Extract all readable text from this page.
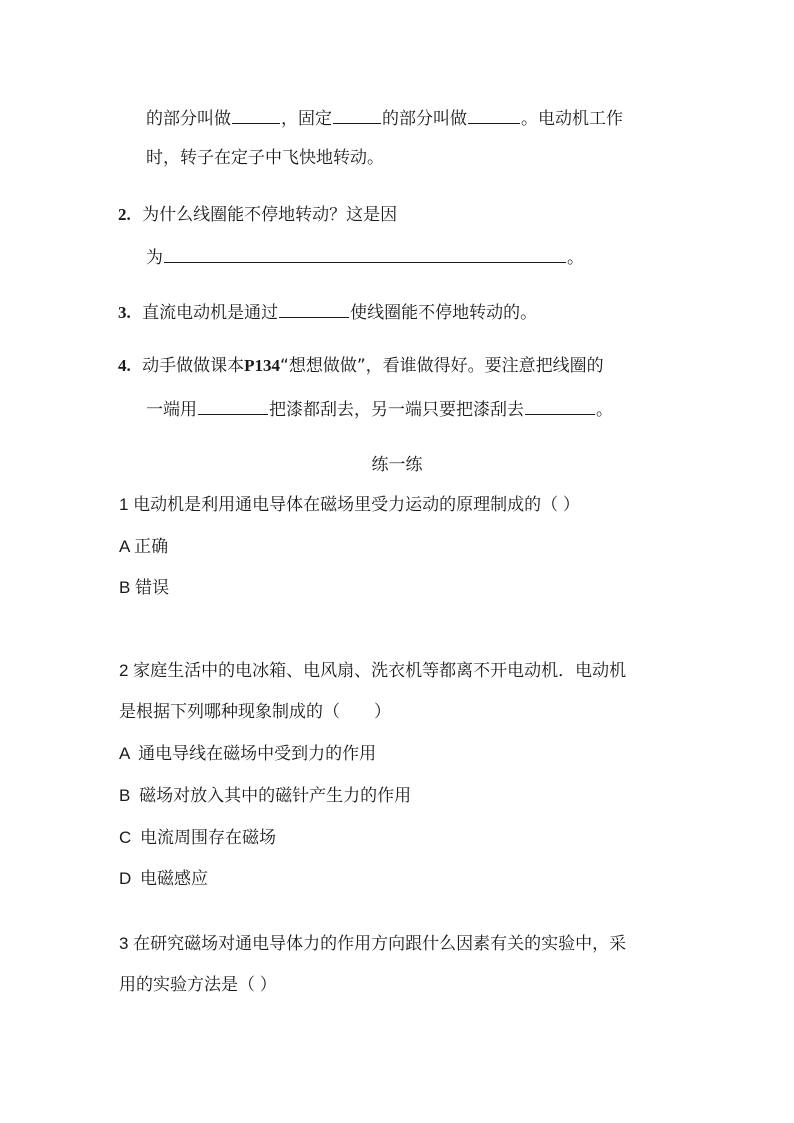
的部分叫做	，固定	的部分叫做	。电动机工作
时，转子在定子中飞快地转动。
2. 为什么线圈能不停地转动？这是因
为	。
3. 直流电动机是通过	使线圈能不停地转动的。
4. 动手做做课本P134“想想做做”，看谁做得好。要注意把线圈的
一端用	把漆都刮去，另一端只要把漆刮去	。
练一练
1 电动机是利用通电导体在磁场里受力运动的原理制成的（ ）
A 正确
B 错误
2 家庭生活中的电冰箱、电风扇、洗衣机等都离不开电动机．电动机
是根据下列哪种现象制成的（　　）
A 通电导线在磁场中受到力的作用
B 磁场对放入其中的磁针产生力的作用
C 电流周围存在磁场
D 电磁感应
3 在研究磁场对通电导体力的作用方向跟什么因素有关的实验中，采
用的实验方法是（ ）
